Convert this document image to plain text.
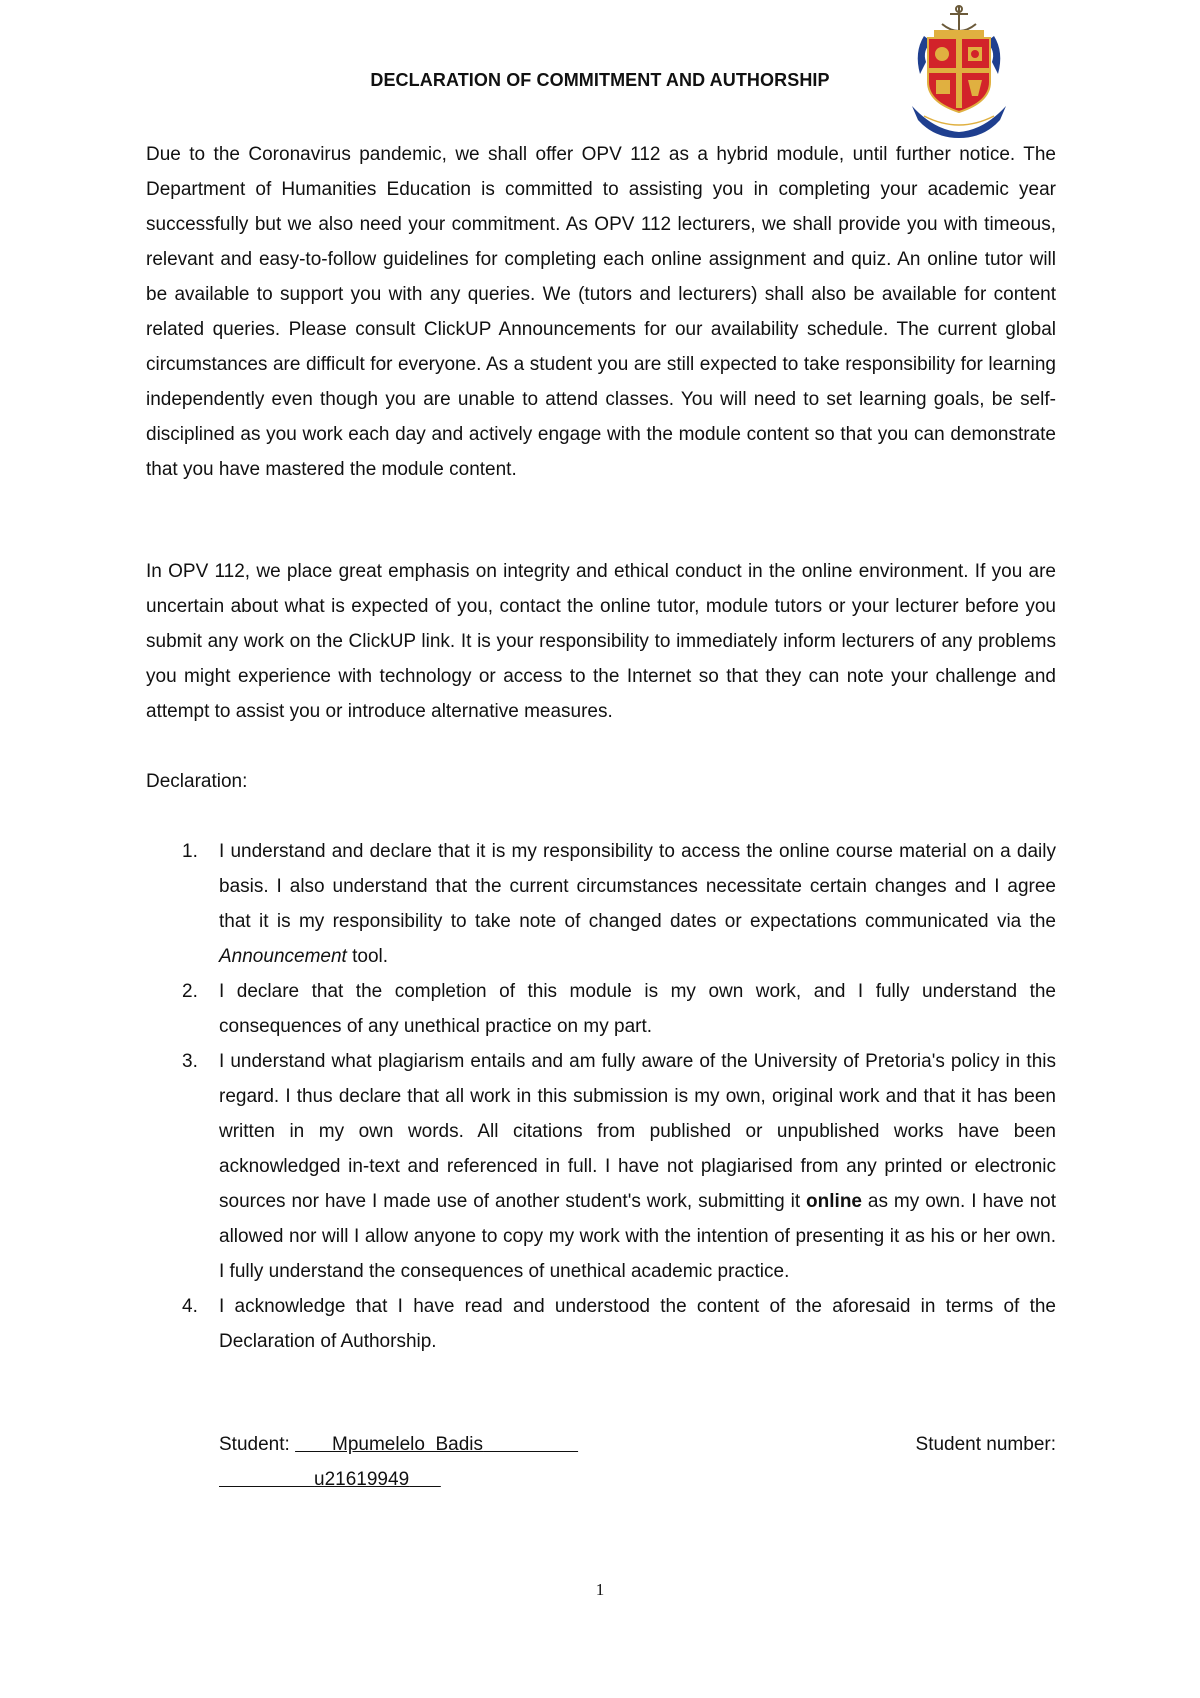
DECLARATION OF COMMITMENT AND AUTHORSHIP
Due to the Coronavirus pandemic, we shall offer OPV 112 as a hybrid module, until further notice. The Department of Humanities Education is committed to assisting you in completing your academic year successfully but we also need your commitment. As OPV 112 lecturers, we shall provide you with timeous, relevant and easy-to-follow guidelines for completing each online assignment and quiz. An online tutor will be available to support you with any queries. We (tutors and lecturers) shall also be available for content related queries. Please consult ClickUP Announcements for our availability schedule. The current global circumstances are difficult for everyone. As a student you are still expected to take responsibility for learning independently even though you are unable to attend classes. You will need to set learning goals, be self-disciplined as you work each day and actively engage with the module content so that you can demonstrate that you have mastered the module content.
In OPV 112, we place great emphasis on integrity and ethical conduct in the online environment. If you are uncertain about what is expected of you, contact the online tutor, module tutors or your lecturer before you submit any work on the ClickUP link. It is your responsibility to immediately inform lecturers of any problems you might experience with technology or access to the Internet so that they can note your challenge and attempt to assist you or introduce alternative measures.
Declaration:
1. I understand and declare that it is my responsibility to access the online course material on a daily basis. I also understand that the current circumstances necessitate certain changes and I agree that it is my responsibility to take note of changed dates or expectations communicated via the Announcement tool.
2. I declare that the completion of this module is my own work, and I fully understand the consequences of any unethical practice on my part.
3. I understand what plagiarism entails and am fully aware of the University of Pretoria's policy in this regard. I thus declare that all work in this submission is my own, original work and that it has been written in my own words. All citations from published or unpublished works have been acknowledged in-text and referenced in full. I have not plagiarised from any printed or electronic sources nor have I made use of another student's work, submitting it online as my own. I have not allowed nor will I allow anyone to copy my work with the intention of presenting it as his or her own. I fully understand the consequences of unethical academic practice.
4. I acknowledge that I have read and understood the content of the aforesaid in terms of the Declaration of Authorship.
Student: Mpumelelo  Badis	Student number:
u21619949
1
